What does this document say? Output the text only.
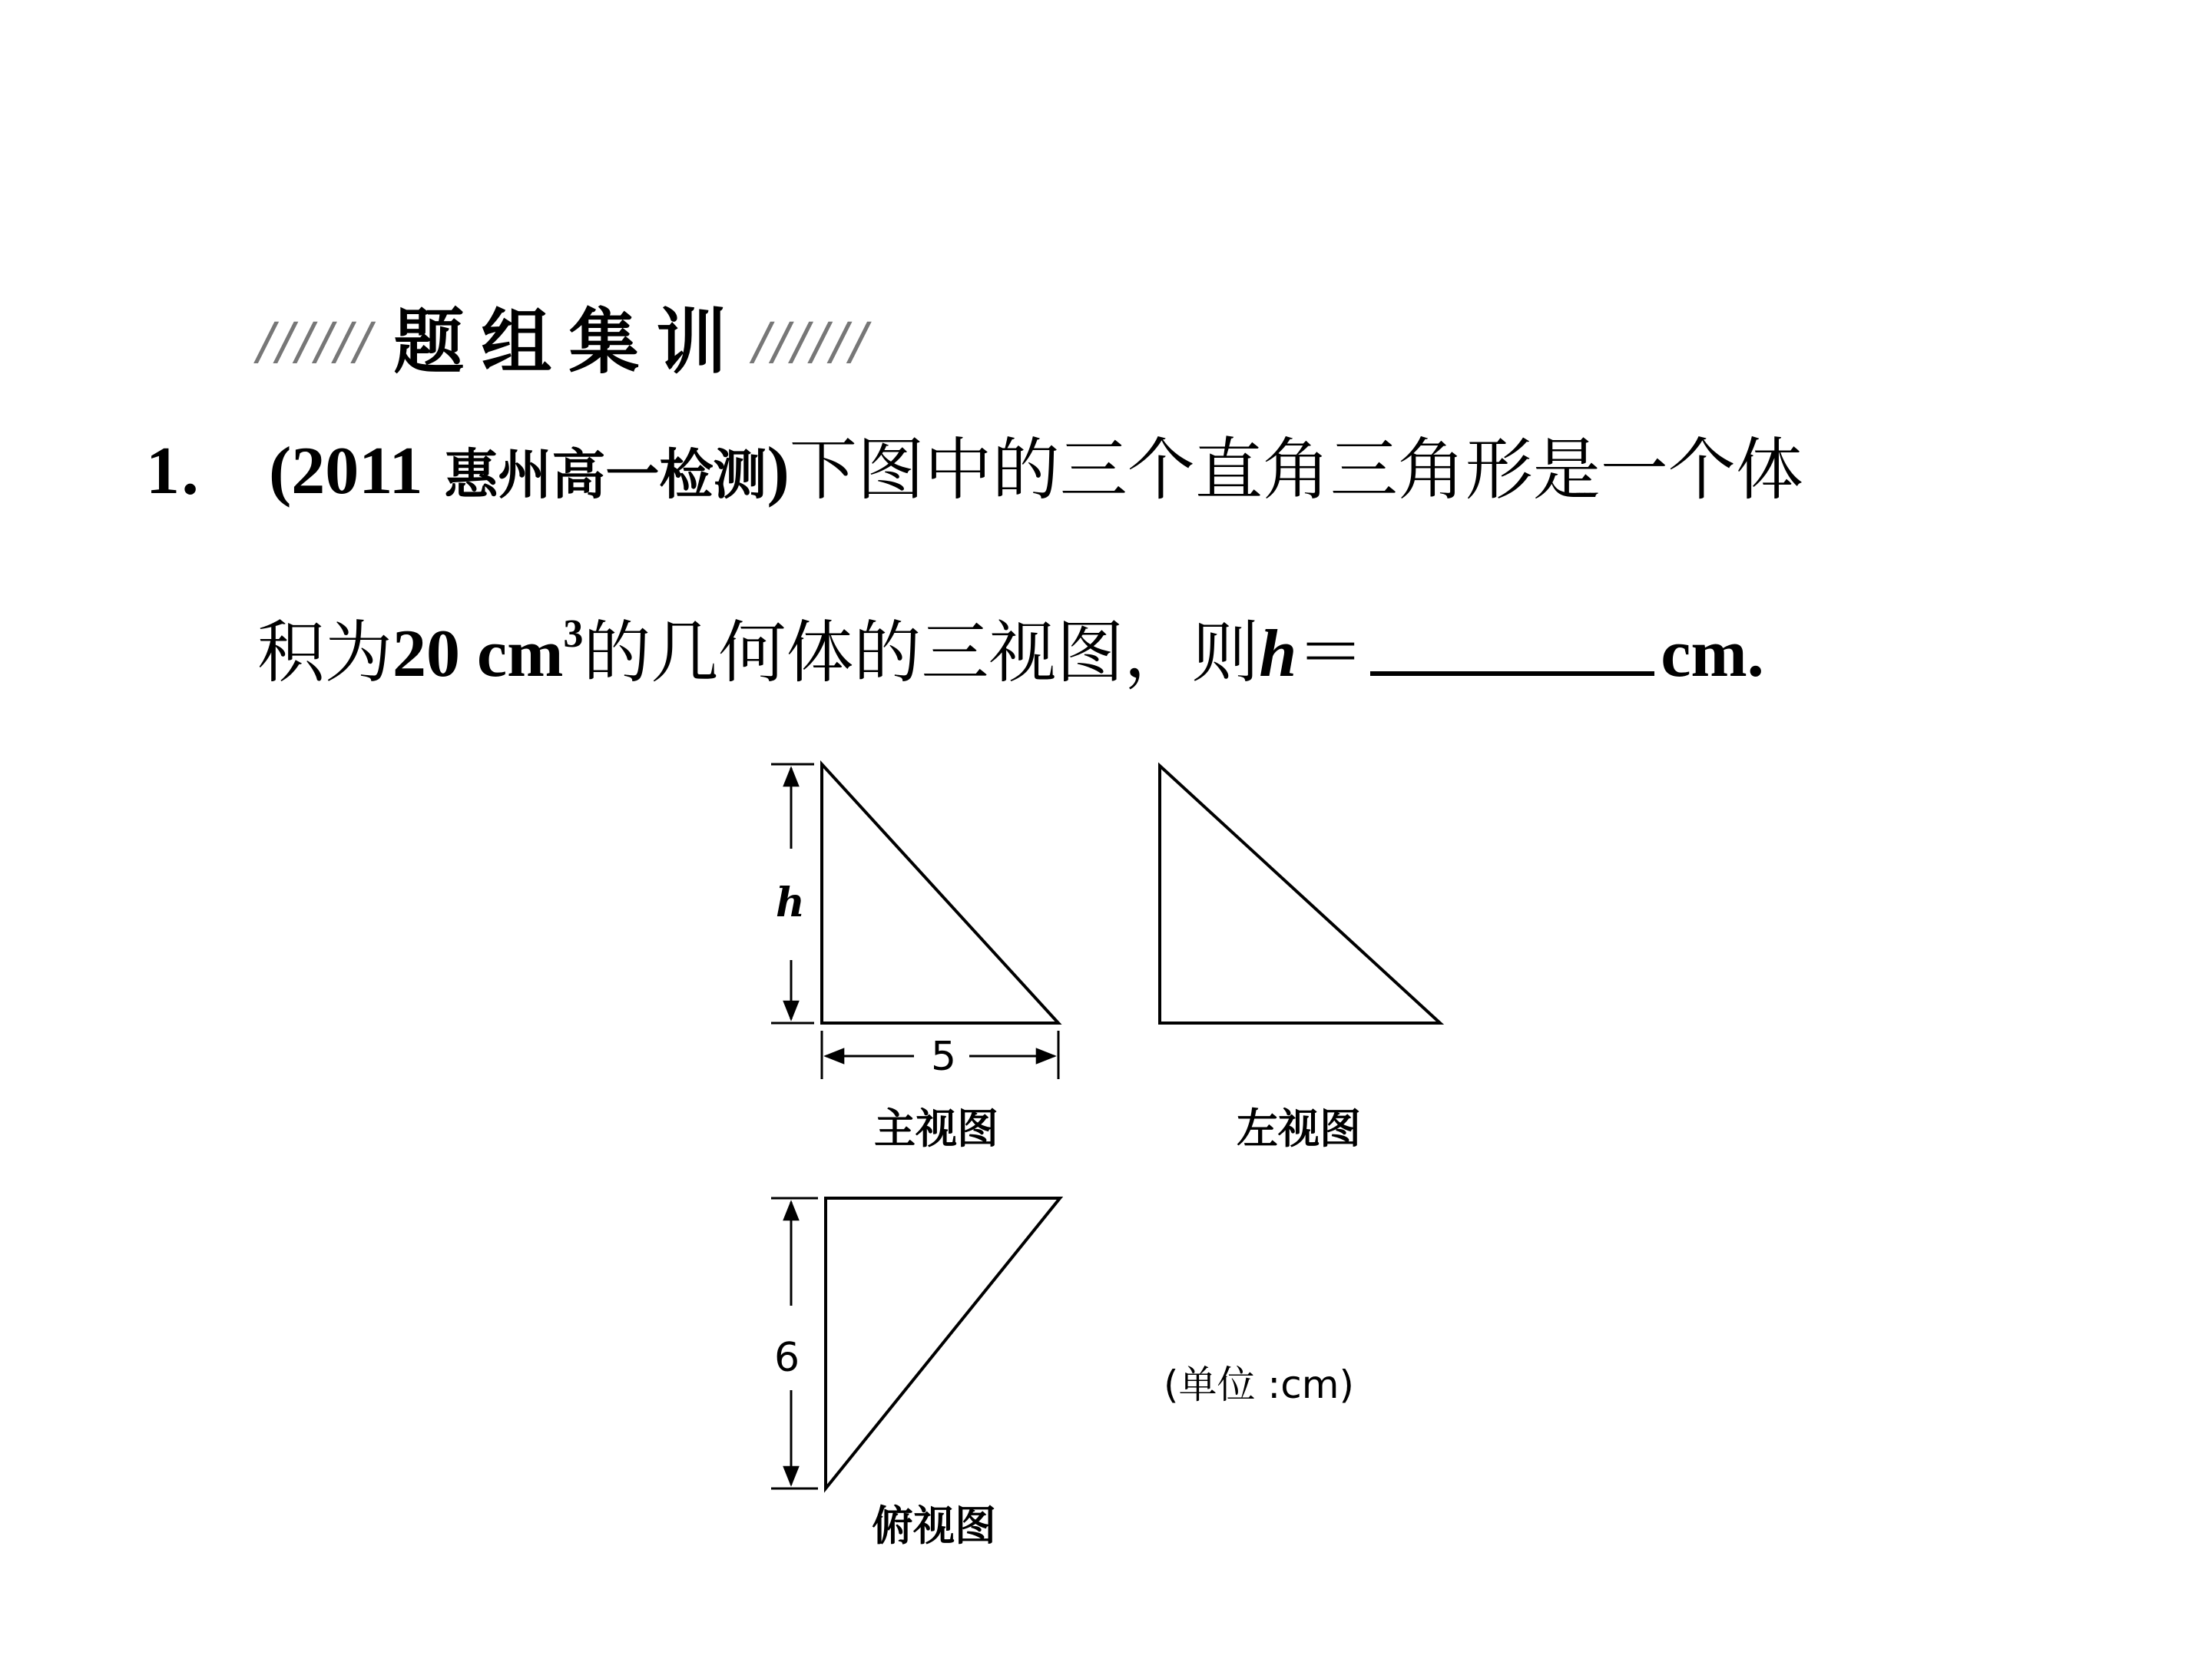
////// 题组集训 //////
1． (2011 惠州高一检测)下图中的三个直角三角形是一个体
积为20 $cm^3$的几何体的三视图，则h＝	cm.
h
5
主视图	左视图
6
俯视图
(单位 :cm)
